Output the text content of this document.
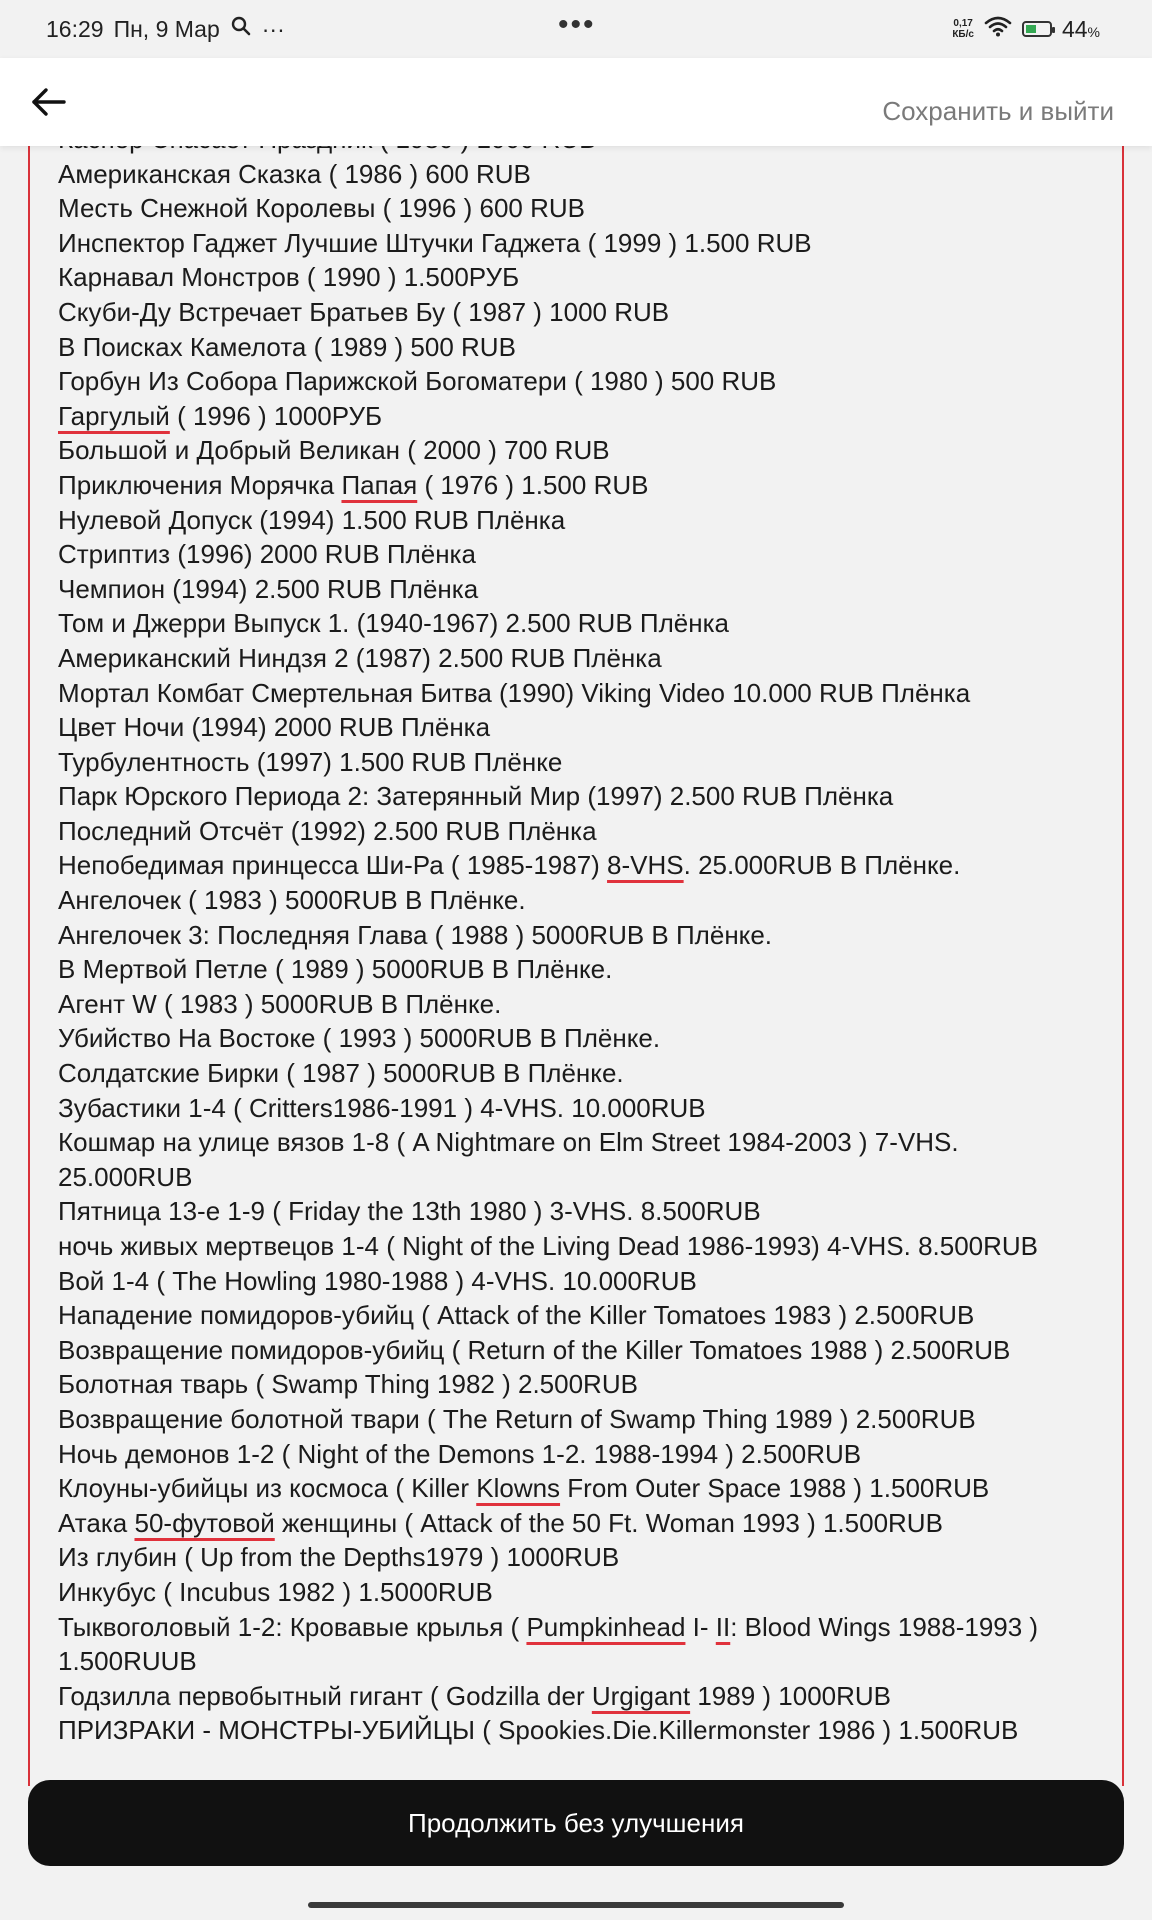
16:29 Пн, 9 Мар ···	•••	0,17
КБ/с	44%
Сохранить и выйти
Американская Сказка ( 1986 ) 600 RUB
Месть Снежной Королевы ( 1996 ) 600 RUB
Инспектор Гаджет Лучшие Штучки Гаджета ( 1999 ) 1.500 RUB
Карнавал Монстров ( 1990 ) 1.500РУБ
Скуби-Ду Встречает Братьев Бу ( 1987 ) 1000 RUB
В Поисках Камелота ( 1989 ) 500 RUB
Горбун Из Собора Парижской Богоматери ( 1980 ) 500 RUB
Гаргулый ( 1996 ) 1000РУБ
Большой и Добрый Великан ( 2000 ) 700 RUB
Приключения Морячка Папая ( 1976 ) 1.500 RUB
Нулевой Допуск (1994) 1.500 RUB Плёнка
Стриптиз (1996) 2000 RUB Плёнка
Чемпион (1994) 2.500 RUB Плёнка
Том и Джерри Выпуск 1. (1940-1967) 2.500 RUB Плёнка
Американский Ниндзя 2 (1987) 2.500 RUB Плёнка
Мортал Комбат Смертельная Битва (1990) Viking Video 10.000 RUB Плёнка
Цвет Ночи (1994) 2000 RUB Плёнка
Турбулентность (1997) 1.500 RUB Плёнке
Парк Юрского Периода 2: Затерянный Мир (1997) 2.500 RUB Плёнка
Последний Отсчёт (1992) 2.500 RUB Плёнка
Непобедимая принцесса Ши-Ра ( 1985-1987) 8-VHS. 25.000RUB В Плёнке.
Ангелочек ( 1983 ) 5000RUB В Плёнке.
Ангелочек 3: Последняя Глава ( 1988 ) 5000RUB В Плёнке.
В Мертвой Петле ( 1989 ) 5000RUB В Плёнке.
Агент W ( 1983 ) 5000RUB В Плёнке.
Убийство На Востоке ( 1993 ) 5000RUB В Плёнке.
Солдатские Бирки ( 1987 ) 5000RUB В Плёнке.
Зубастики 1-4 ( Critters1986-1991 ) 4-VHS. 10.000RUB
Кошмар на улице вязов 1-8 ( A Nightmare on Elm Street 1984-2003 ) 7-VHS.
25.000RUB
Пятница 13-е 1-9 ( Friday the 13th 1980 ) 3-VHS. 8.500RUB
ночь живых мертвецов 1-4 ( Night of the Living Dead 1986-1993) 4-VHS. 8.500RUB
Вой 1-4 ( The Howling 1980-1988 ) 4-VHS. 10.000RUB
Нападение помидоров-убийц ( Attack of the Killer Tomatoes 1983 ) 2.500RUB
Возвращение помидоров-убийц ( Return of the Killer Tomatoes 1988 ) 2.500RUB
Болотная тварь ( Swamp Thing 1982 ) 2.500RUB
Возвращение болотной твари ( The Return of Swamp Thing 1989 ) 2.500RUB
Ночь демонов 1-2 ( Night of the Demons 1-2. 1988-1994 ) 2.500RUB
Клоуны-убийцы из космоса ( Killer Klowns From Outer Space 1988 ) 1.500RUB
Атака 50-футовой женщины ( Attack of the 50 Ft. Woman 1993 ) 1.500RUB
Из глубин ( Up from the Depths1979 ) 1000RUB
Инкубус ( Incubus 1982 ) 1.5000RUB
Тыквоголовый 1-2: Кровавые крылья ( Pumpkinhead I- II: Blood Wings 1988-1993 )
1.500RUUB
Годзилла первобытный гигант ( Godzilla der Urgigant 1989 ) 1000RUB
ПРИЗРАКИ - МОНСТРЫ-УБИЙЦЫ ( Spookies.Die.Killermonster 1986 ) 1.500RUB
Продолжить без улучшения
